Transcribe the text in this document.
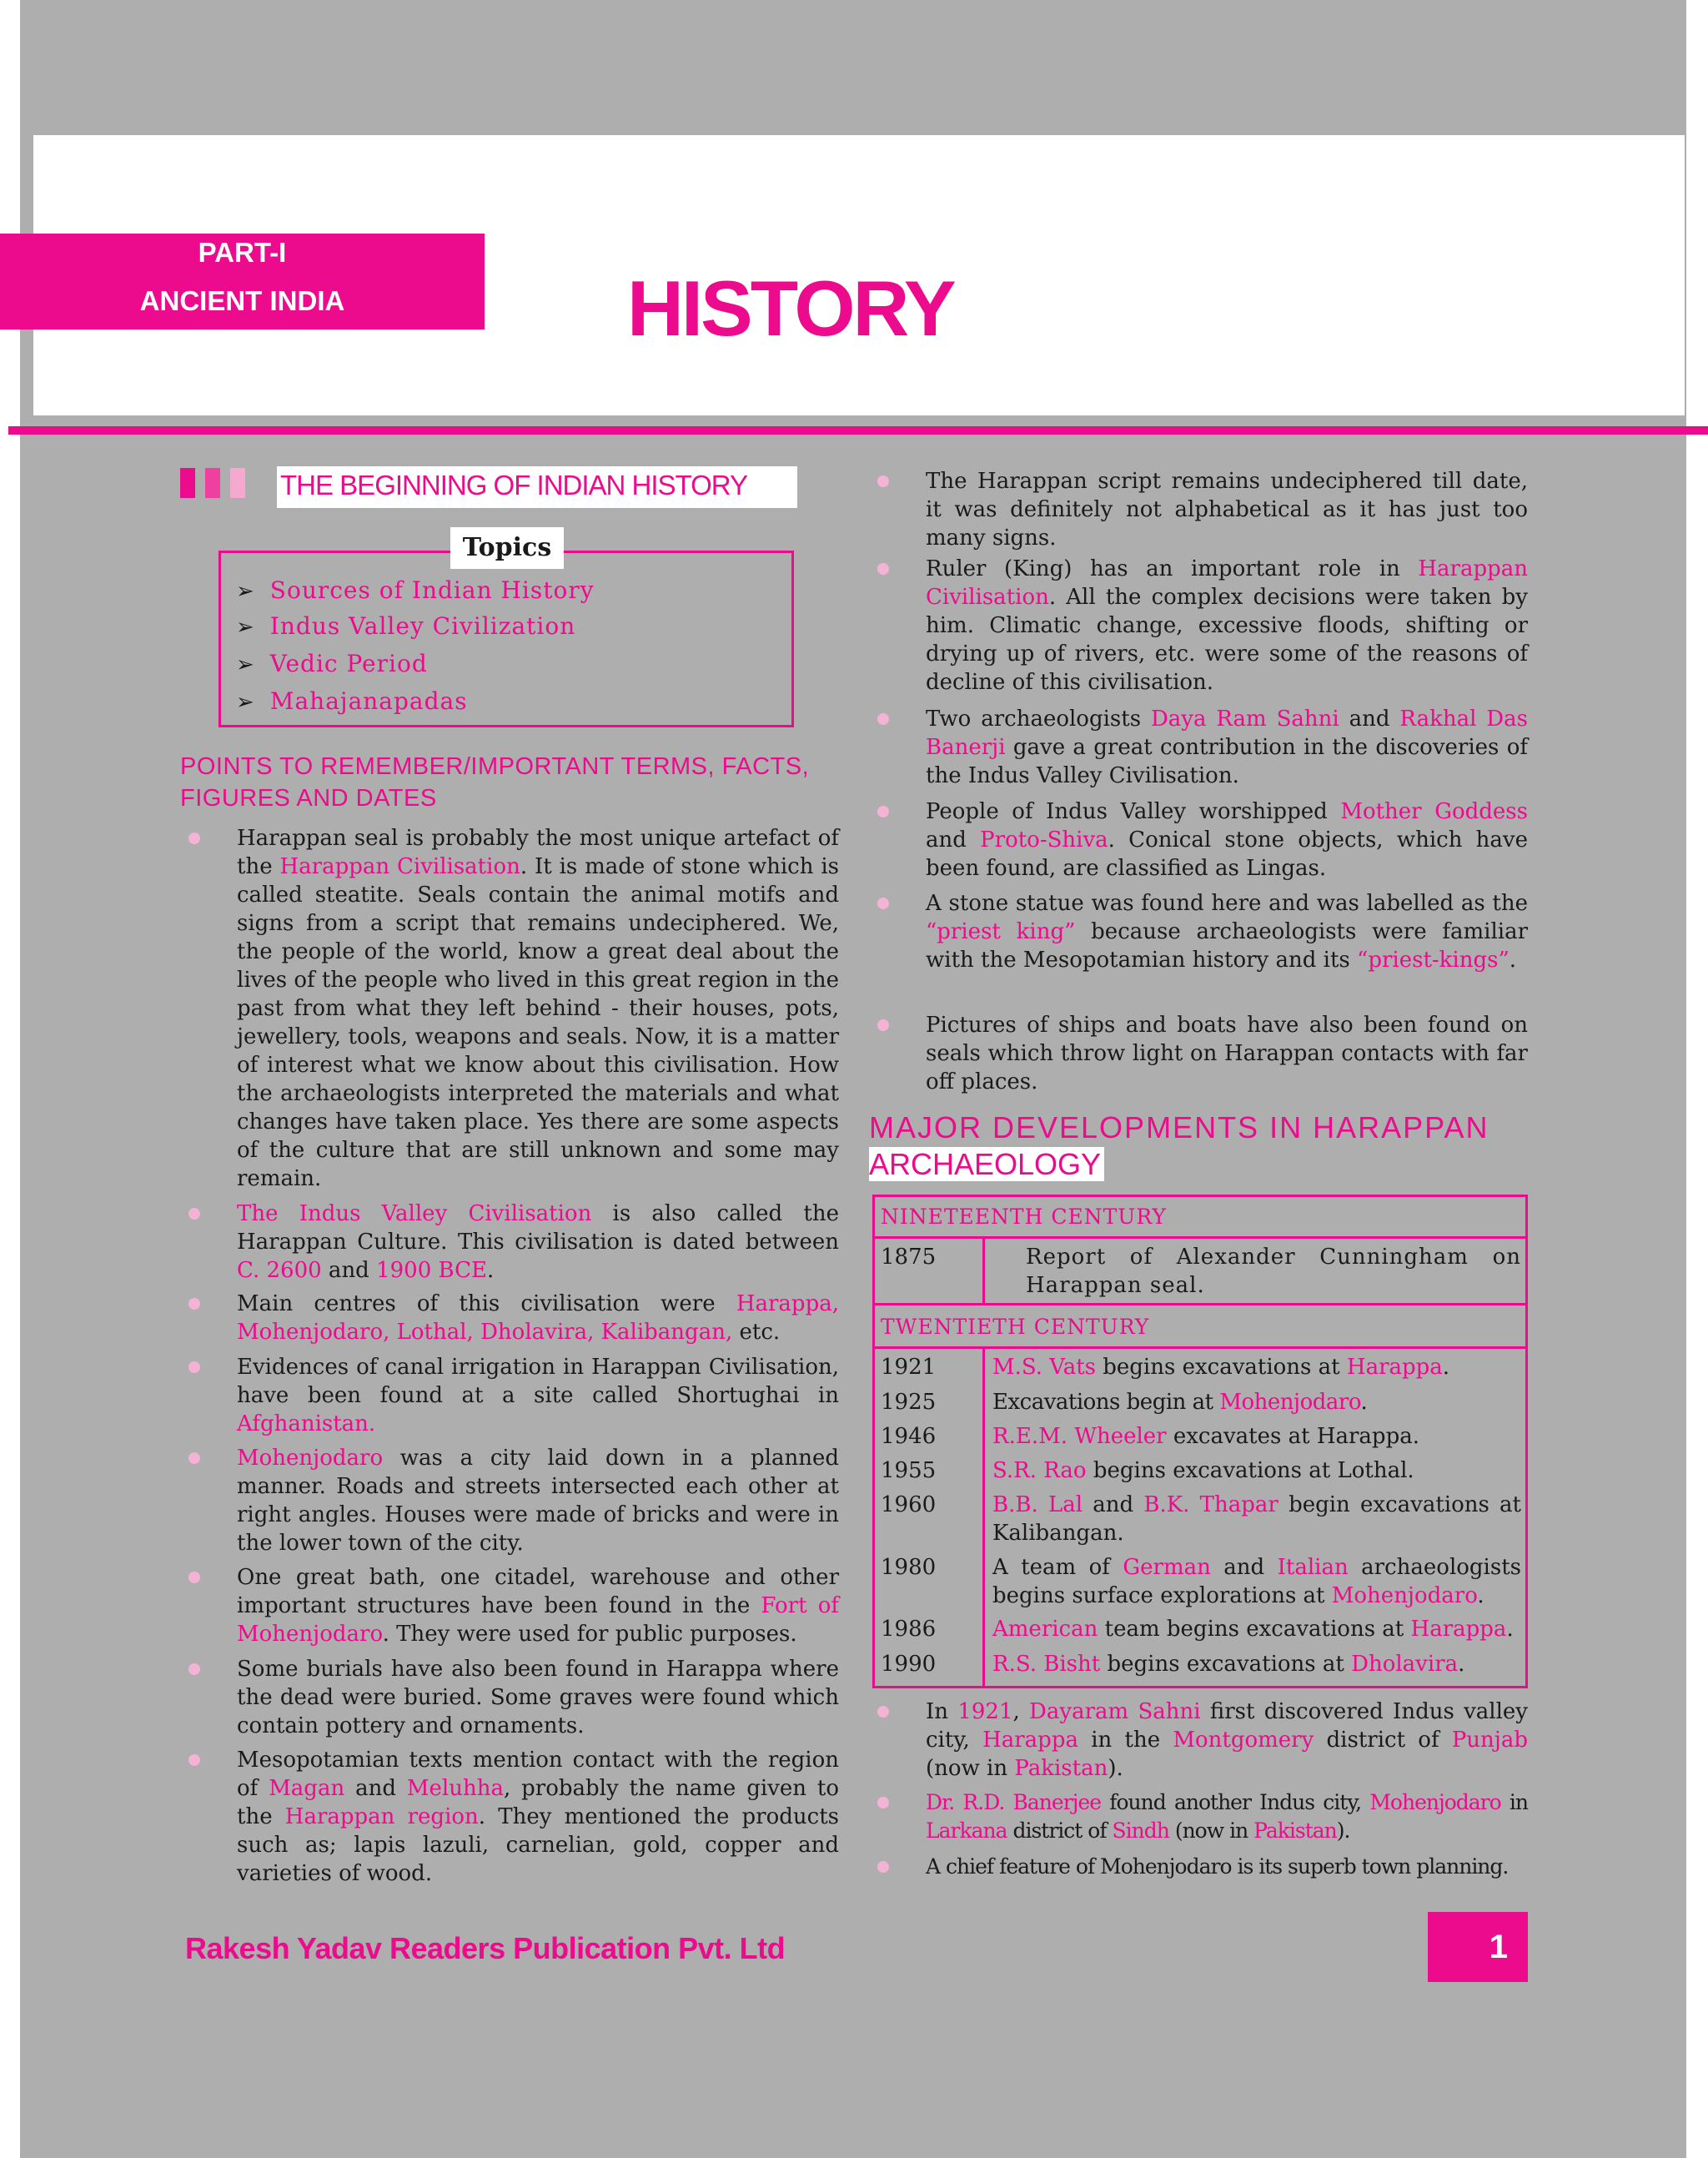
PART-I
ANCIENT INDIA	HISTORY
THE BEGINNING OF INDIAN HISTORY
Topics
➢ Sources of Indian History
➢ Indus Valley Civilization
➢ Vedic Period
➢ Mahajanapadas
POINTS TO REMEMBER/IMPORTANT TERMS, FACTS,
FIGURES AND DATES
Harappan seal is probably the most unique artefact of the Harappan Civilisation. It is made of stone which is called steatite. Seals contain the animal motifs and signs from a script that remains undeciphered. We, the people of the world, know a great deal about the lives of the people who lived in this great region in the past from what they left behind - their houses, pots, jewellery, tools, weapons and seals. Now, it is a matter of interest what we know about this civilisation. How the archaeologists interpreted the materials and what changes have taken place. Yes there are some aspects of the culture that are still unknown and some may remain.
The Indus Valley Civilisation is also called the Harappan Culture. This civilisation is dated between C. 2600 and 1900 BCE.
Main centres of this civilisation were Harappa, Mohenjodaro, Lothal, Dholavira, Kalibangan, etc.
Evidences of canal irrigation in Harappan Civilisation, have been found at a site called Shortughai in Afghanistan.
Mohenjodaro was a city laid down in a planned manner. Roads and streets intersected each other at right angles. Houses were made of bricks and were in the lower town of the city.
One great bath, one citadel, warehouse and other important structures have been found in the Fort of Mohenjodaro. They were used for public purposes.
Some burials have also been found in Harappa where the dead were buried. Some graves were found which contain pottery and ornaments.
Mesopotamian texts mention contact with the region of Magan and Meluhha, probably the name given to the Harappan region. They mentioned the products such as; lapis lazuli, carnelian, gold, copper and varieties of wood.
The Harappan script remains undeciphered till date, it was definitely not alphabetical as it has just too many signs.
Ruler (King) has an important role in Harappan Civilisation. All the complex decisions were taken by him. Climatic change, excessive floods, shifting or drying up of rivers, etc. were some of the reasons of decline of this civilisation.
Two archaeologists Daya Ram Sahni and Rakhal Das Banerji gave a great contribution in the discoveries of the Indus Valley Civilisation.
People of Indus Valley worshipped Mother Goddess and Proto-Shiva. Conical stone objects, which have been found, are classified as Lingas.
A stone statue was found here and was labelled as the “priest king” because archaeologists were familiar with the Mesopotamian history and its “priest-kings”.
Pictures of ships and boats have also been found on seals which throw light on Harappan contacts with far off places.
MAJOR DEVELOPMENTS IN HARAPPAN
ARCHAEOLOGY
NINETEENTH CENTURY
1875	Report of Alexander Cunningham on Harappan seal.
TWENTIETH CENTURY
1921	M.S. Vats begins excavations at Harappa.
1925	Excavations begin at Mohenjodaro.
1946	R.E.M. Wheeler excavates at Harappa.
1955	S.R. Rao begins excavations at Lothal.
1960	B.B. Lal and B.K. Thapar begin excavations at Kalibangan.
1980	A team of German and Italian archaeologists begins surface explorations at Mohenjodaro.
1986	American team begins excavations at Harappa.
1990	R.S. Bisht begins excavations at Dholavira.
In 1921, Dayaram Sahni first discovered Indus valley city, Harappa in the Montgomery district of Punjab (now in Pakistan).
Dr. R.D. Banerjee found another Indus city, Mohenjodaro in Larkana district of Sindh (now in Pakistan).
A chief feature of Mohenjodaro is its superb town planning.
Rakesh Yadav Readers Publication Pvt. Ltd	1
